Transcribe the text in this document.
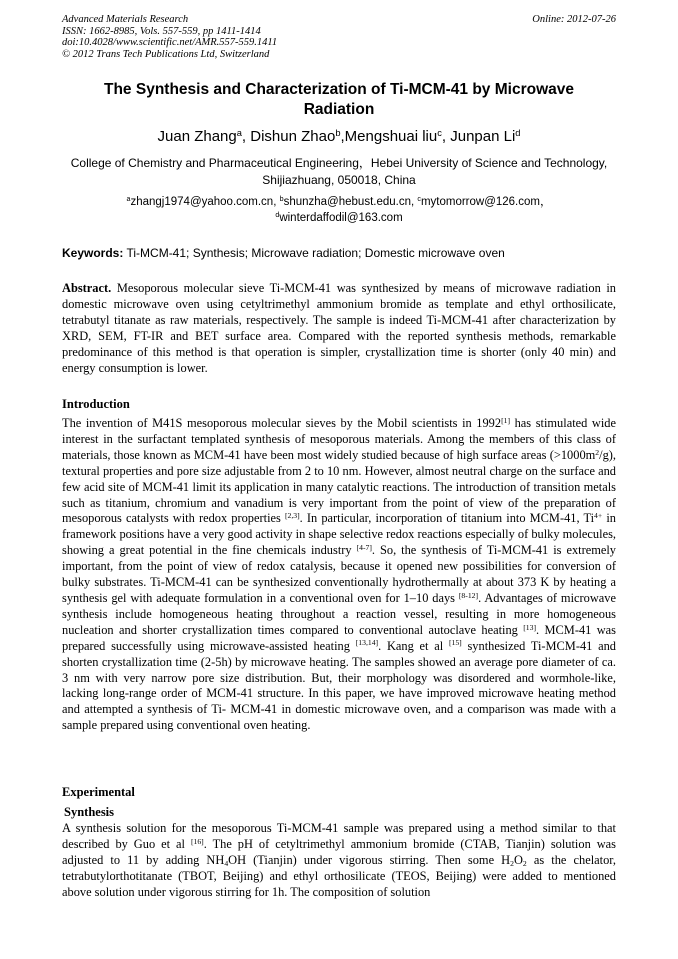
Advanced Materials Research
ISSN: 1662-8985, Vols. 557-559, pp 1411-1414
doi:10.4028/www.scientific.net/AMR.557-559.1411
© 2012 Trans Tech Publications Ltd, Switzerland
Online: 2012-07-26
The Synthesis and Characterization of Ti-MCM-41 by Microwave Radiation
Juan Zhang$^a$, Dishun Zhao$^b$,Mengshuai liu$^c$, Junpan Li$^d$
College of Chemistry and Pharmaceutical Engineering，Hebei University of Science and Technology, Shijiazhuang, 050018, China
$^a$zhangj1974@yahoo.com.cn, $^b$shunzha@hebust.edu.cn, $^c$mytomorrow@126.com，
$^d$winterdaffodil@163.com
Keywords: Ti-MCM-41; Synthesis; Microwave radiation; Domestic microwave oven
Abstract. Mesoporous molecular sieve Ti-MCM-41 was synthesized by means of microwave radiation in domestic microwave oven using cetyltrimethyl ammonium bromide as template and ethyl orthosilicate, tetrabutyl titanate as raw materials, respectively. The sample is indeed Ti-MCM-41 after characterization by XRD, SEM, FT-IR and BET surface area. Compared with the reported synthesis methods, remarkable predominance of this method is that operation is simpler, crystallization time is shorter (only 40 min) and energy consumption is lower.
Introduction
The invention of M41S mesoporous molecular sieves by the Mobil scientists in 1992[1] has stimulated wide interest in the surfactant templated synthesis of mesoporous materials. Among the members of this class of materials, those known as MCM-41 have been most widely studied because of high surface areas $(>1000m^2/g)$, textural properties and pore size adjustable from 2 to 10 nm. However, almost neutral charge on the surface and few acid site of MCM-41 limit its application in many catalytic reactions. The introduction of transition metals such as titanium, chromium and vanadium is very important from the point of view of the preparation of mesoporous catalysts with redox properties [2,3]. In particular, incorporation of titanium into MCM-41, $Ti^{4+}$ in framework positions have a very good activity in shape selective redox reactions especially of bulky molecules, showing a great potential in the fine chemicals industry [4-7]. So, the synthesis of Ti-MCM-41 is extremely important, from the point of view of redox catalysis, because it opened new possibilities for conversion of bulky substrates. Ti-MCM-41 can be synthesized conventionally hydrothermally at about 373 K by heating a synthesis gel with adequate formulation in a conventional oven for 1–10 days [8-12]. Advantages of microwave synthesis include homogeneous heating throughout a reaction vessel, resulting in more homogeneous nucleation and shorter crystallization times compared to conventional autoclave heating [13]. MCM-41 was prepared successfully using microwave-assisted heating [13,14]. Kang et al [15] synthesized Ti-MCM-41 and shorten crystallization time (2-5h) by microwave heating. The samples showed an average pore diameter of ca. 3 nm with very narrow pore size distribution. But, their morphology was disordered and wormhole-like, lacking long-range order of MCM-41 structure. In this paper, we have improved microwave heating method and attempted a synthesis of Ti- MCM-41 in domestic microwave oven, and a comparison was made with a sample prepared using conventional oven heating.
Experimental
Synthesis
A synthesis solution for the mesoporous Ti-MCM-41 sample was prepared using a method similar to that described by Guo et al [16]. The pH of cetyltrimethyl ammonium bromide (CTAB, Tianjin) solution was adjusted to 11 by adding $NH_4OH$ (Tianjin) under vigorous stirring. Then some $H_2O_2$ as the chelator, tetrabutylorthotitanate (TBOT, Beijing) and ethyl orthosilicate (TEOS, Beijing) were added to mentioned above solution under vigorous stirring for 1h. The composition of solution
